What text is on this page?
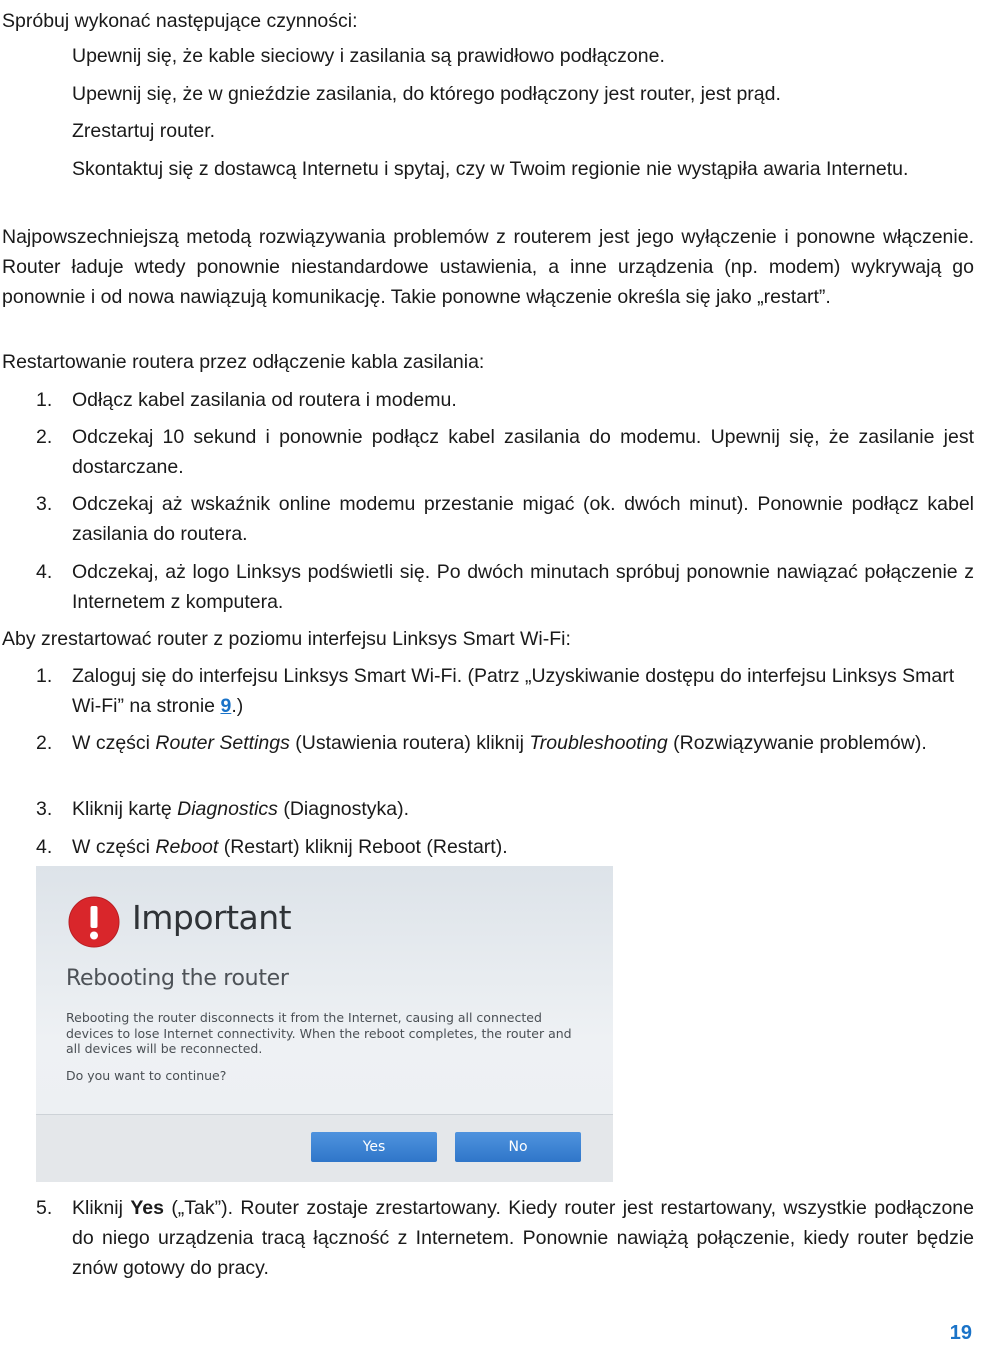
Spróbuj wykonać następujące czynności:

Upewnij się, że kable sieciowy i zasilania są prawidłowo podłączone.

Upewnij się, że w gnieździe zasilania, do którego podłączony jest router, jest prąd.

Zrestartuj router.

Skontaktuj się z dostawcą Internetu i spytaj, czy w Twoim regionie nie wystąpiła awaria Internetu.

Najpowszechniejszą metodą rozwiązywania problemów z routerem jest jego wyłączenie i ponowne włączenie. Router ładuje wtedy ponownie niestandardowe ustawienia, a inne urządzenia (np. modem) wykrywają go ponownie i od nowa nawiązują komunikację. Takie ponowne włączenie określa się jako „restart”.

Restartowanie routera przez odłączenie kabla zasilania:

1.	Odłącz kabel zasilania od routera i modemu.

2.	Odczekaj 10 sekund i ponownie podłącz kabel zasilania do modemu. Upewnij się, że zasilanie jest dostarczane.

3.	Odczekaj aż wskaźnik online modemu przestanie migać (ok. dwóch minut). Ponownie podłącz kabel zasilania do routera.

4.	Odczekaj, aż logo Linksys podświetli się. Po dwóch minutach spróbuj ponownie nawiązać połączenie z Internetem z komputera.

Aby zrestartować router z poziomu interfejsu Linksys Smart Wi-Fi:

1.	Zaloguj się do interfejsu Linksys Smart Wi-Fi. (Patrz „Uzyskiwanie dostępu do interfejsu Linksys Smart Wi-Fi” na stronie 9.)

2.	W części Router Settings (Ustawienia routera) kliknij Troubleshooting (Rozwiązywanie problemów).

3.	Kliknij kartę Diagnostics (Diagnostyka).

4.	W części Reboot (Restart) kliknij Reboot (Restart).

Important
Rebooting the router
Rebooting the router disconnects it from the Internet, causing all connected devices to lose Internet connectivity. When the reboot completes, the router and all devices will be reconnected.
Do you want to continue?
Yes	No
5.	Kliknij Yes („Tak”). Router zostaje zrestartowany. Kiedy router jest restartowany, wszystkie podłączone do niego urządzenia tracą łączność z Internetem. Ponownie nawiążą połączenie, kiedy router będzie znów gotowy do pracy.

19
